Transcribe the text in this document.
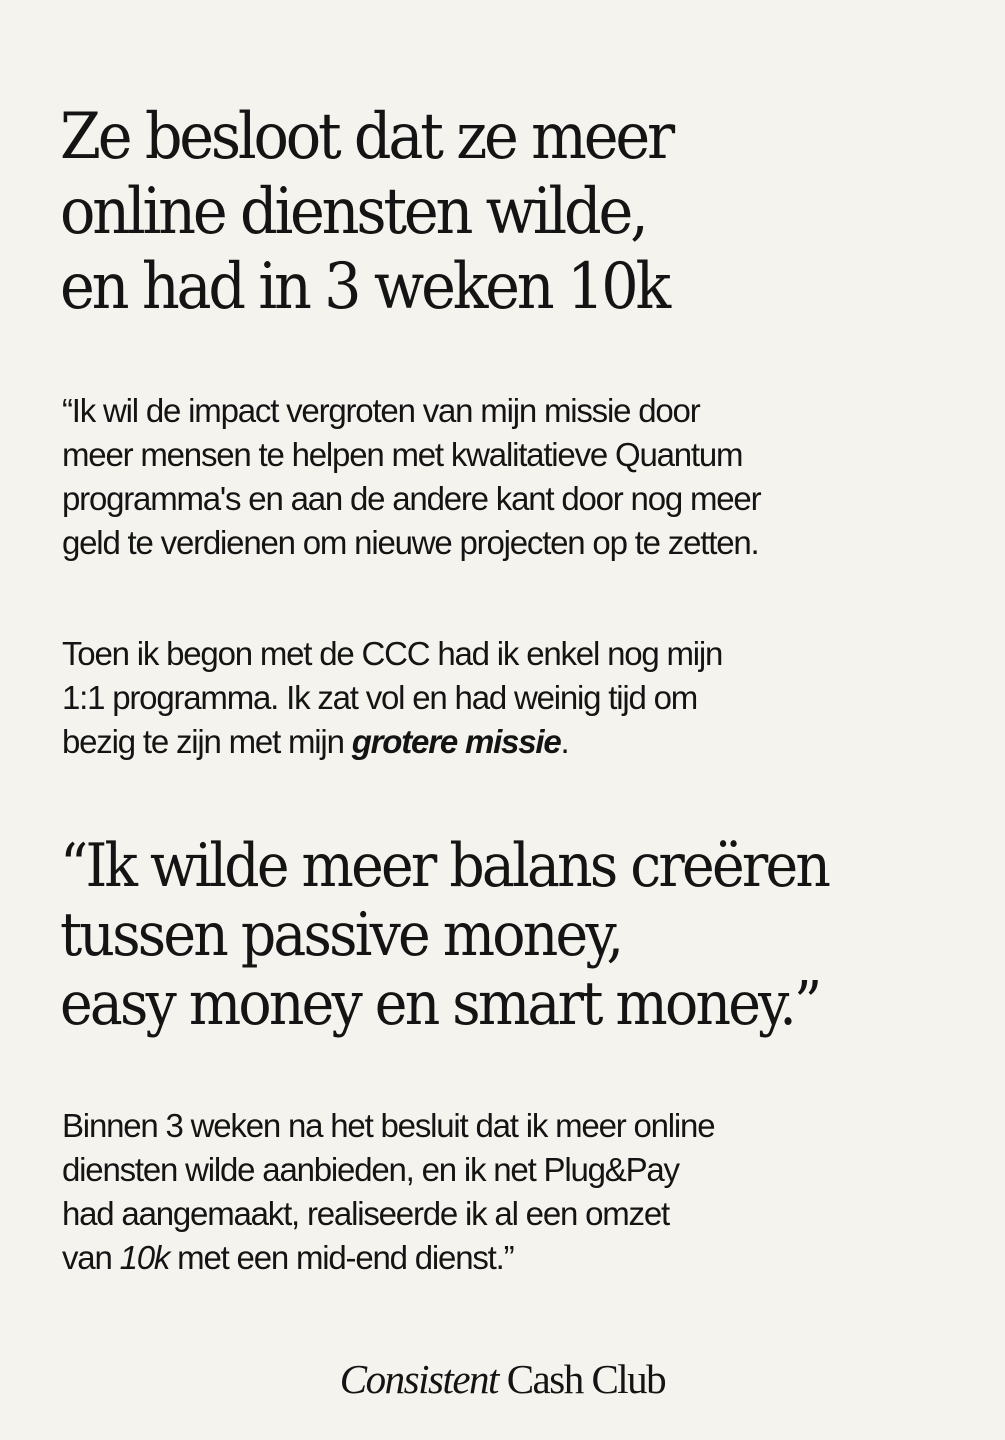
Ze besloot dat ze meer
online diensten wilde,
en had in 3 weken 10k

“Ik wil de impact vergroten van mijn missie door
meer mensen te helpen met kwalitatieve Quantum
programma's en aan de andere kant door nog meer
geld te verdienen om nieuwe projecten op te zetten.

Toen ik begon met de CCC had ik enkel nog mijn
1:1 programma. Ik zat vol en had weinig tijd om
bezig te zijn met mijn grotere missie.

“Ik wilde meer balans creëren
tussen passive money,
easy money en smart money.”

Binnen 3 weken na het besluit dat ik meer online
diensten wilde aanbieden, en ik net Plug&Pay
had aangemaakt, realiseerde ik al een omzet
van 10k met een mid-end dienst.”

Consistent Cash Club
